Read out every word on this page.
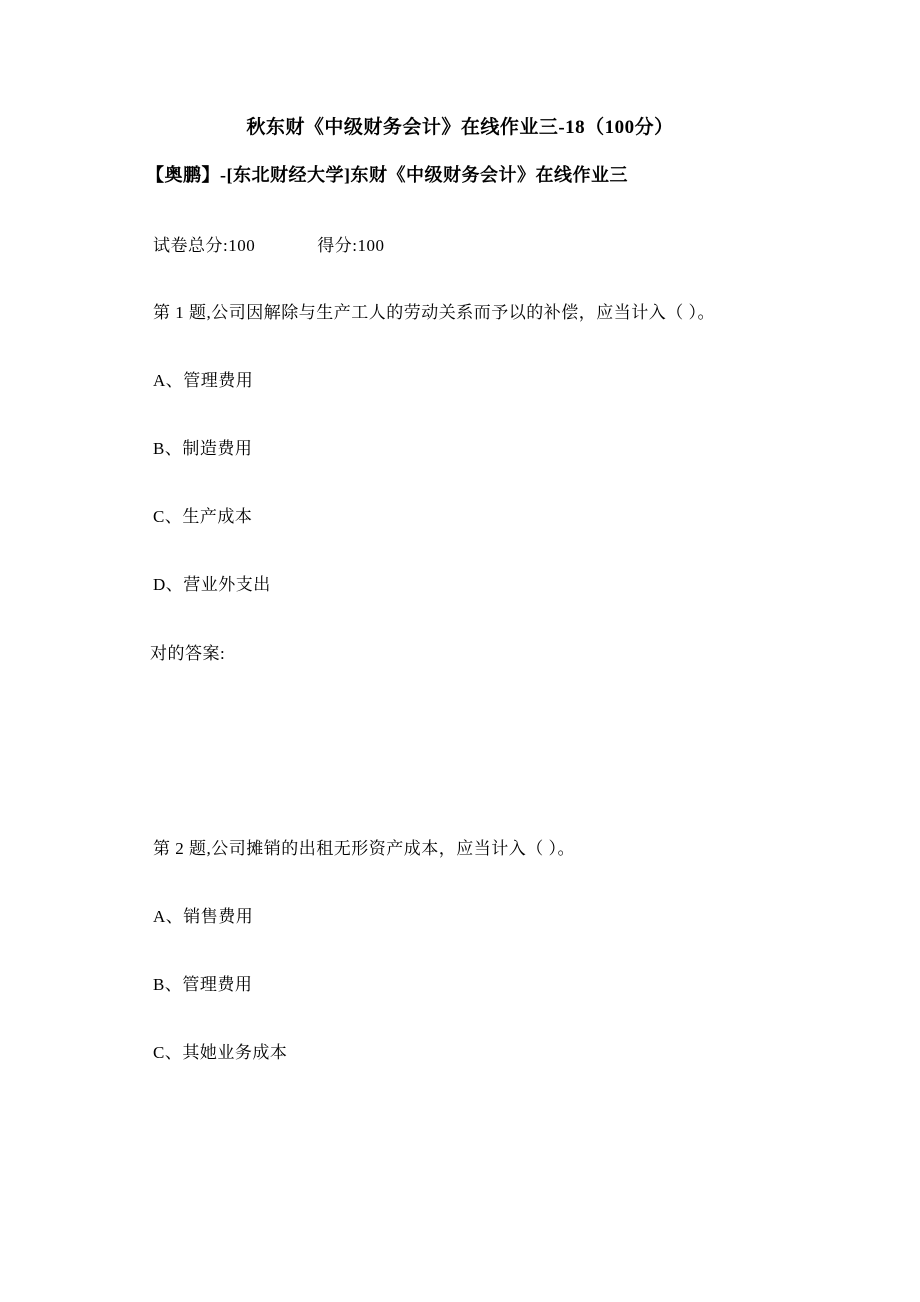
秋东财《中级财务会计》在线作业三-18（100分）
【奥鹏】-[东北财经大学]东财《中级财务会计》在线作业三
试卷总分:100	得分:100
第 1 题,公司因解除与生产工人的劳动关系而予以的补偿，应当计入（ ）。
A、管理费用
B、制造费用
C、生产成本
D、营业外支出
对的答案:
第 2 题,公司摊销的出租无形资产成本，应当计入（ ）。
A、销售费用
B、管理费用
C、其她业务成本
